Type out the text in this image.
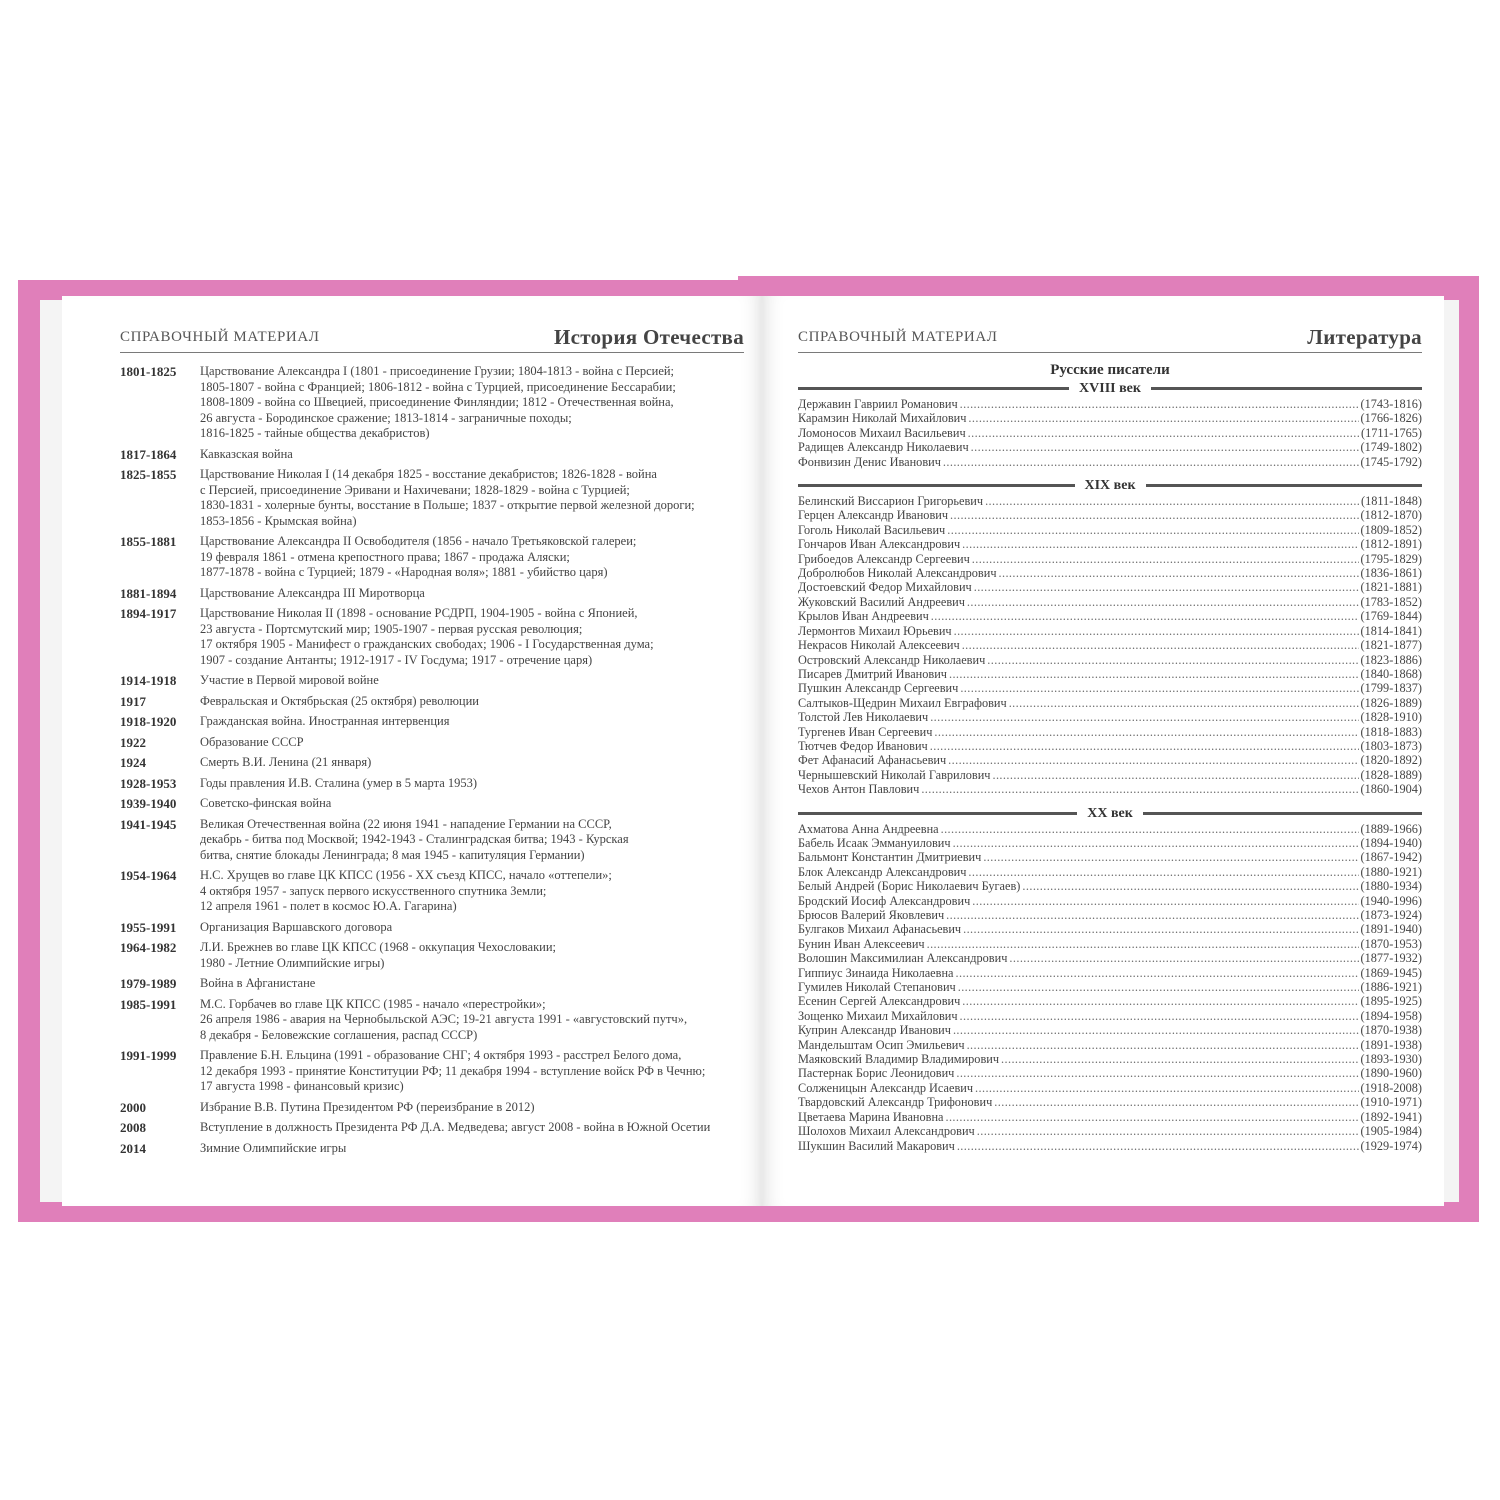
СПРАВОЧНЫЙ МАТЕРИАЛ	История Отечества
1801-1825	Царствование Александра I (1801 - присоединение Грузии; 1804-1813 - война с Персией;
1805-1807 - война с Францией; 1806-1812 - война с Турцией, присоединение Бессарабии;
1808-1809 - война со Швецией, присоединение Финляндии; 1812 - Отечественная война,
26 августа - Бородинское сражение; 1813-1814 - заграничные походы;
1816-1825 - тайные общества декабристов)
1817-1864	Кавказская война
1825-1855	Царствование Николая I (14 декабря 1825 - восстание декабристов; 1826-1828 - война
с Персией, присоединение Эривани и Нахичевани; 1828-1829 - война с Турцией;
1830-1831 - холерные бунты, восстание в Польше; 1837 - открытие первой железной дороги;
1853-1856 - Крымская война)
1855-1881	Царствование Александра II Освободителя (1856 - начало Третьяковской галереи;
19 февраля 1861 - отмена крепостного права; 1867 - продажа Аляски;
1877-1878 - война с Турцией; 1879 - «Народная воля»; 1881 - убийство царя)
1881-1894	Царствование Александра III Миротворца
1894-1917	Царствование Николая II (1898 - основание РСДРП, 1904-1905 - война с Японией,
23 августа - Портсмутский мир; 1905-1907 - первая русская революция;
17 октября 1905 - Манифест о гражданских свободах; 1906 - I Государственная дума;
1907 - создание Антанты; 1912-1917 - IV Госдума; 1917 - отречение царя)
1914-1918	Участие в Первой мировой войне
1917	Февральская и Октябрьская (25 октября) революции
1918-1920	Гражданская война. Иностранная интервенция
1922	Образование СССР
1924	Смерть В.И. Ленина (21 января)
1928-1953	Годы правления И.В. Сталина (умер в 5 марта 1953)
1939-1940	Советско-финская война
1941-1945	Великая Отечественная война (22 июня 1941 - нападение Германии на СССР,
декабрь - битва под Москвой; 1942-1943 - Сталинградская битва; 1943 - Курская
битва, снятие блокады Ленинграда; 8 мая 1945 - капитуляция Германии)
1954-1964	Н.С. Хрущев во главе ЦК КПСС (1956 - XX съезд КПСС, начало «оттепели»;
4 октября 1957 - запуск первого искусственного спутника Земли;
12 апреля 1961 - полет в космос Ю.А. Гагарина)
1955-1991	Организация Варшавского договора
1964-1982	Л.И. Брежнев во главе ЦК КПСС (1968 - оккупация Чехословакии;
1980 - Летние Олимпийские игры)
1979-1989	Война в Афганистане
1985-1991	М.С. Горбачев во главе ЦК КПСС (1985 - начало «перестройки»;
26 апреля 1986 - авария на Чернобыльской АЭС; 19-21 августа 1991 - «августовский путч»,
8 декабря - Беловежские соглашения, распад СССР)
1991-1999	Правление Б.Н. Ельцина (1991 - образование СНГ; 4 октября 1993 - расстрел Белого дома,
12 декабря 1993 - принятие Конституции РФ; 11 декабря 1994 - вступление войск РФ в Чечню;
17 августа 1998 - финансовый кризис)
2000	Избрание В.В. Путина Президентом РФ (переизбрание в 2012)
2008	Вступление в должность Президента РФ Д.А. Медведева; август 2008 - война в Южной Осетии
2014	Зимние Олимпийские игры
СПРАВОЧНЫЙ МАТЕРИАЛ	Литература
Русские писатели
XVIII век
Державин Гавриил Романович .....	(1743-1816)
Карамзин Николай Михайлович .....	(1766-1826)
Ломоносов Михаил Васильевич .....	(1711-1765)
Радищев Александр Николаевич .....	(1749-1802)
Фонвизин Денис Иванович .....	(1745-1792)
XIX век
Белинский Виссарион Григорьевич .....	(1811-1848)
Герцен Александр Иванович .....	(1812-1870)
Гоголь Николай Васильевич .....	(1809-1852)
Гончаров Иван Александрович .....	(1812-1891)
Грибоедов Александр Сергеевич .....	(1795-1829)
Добролюбов Николай Александрович .....	(1836-1861)
Достоевский Федор Михайлович .....	(1821-1881)
Жуковский Василий Андреевич .....	(1783-1852)
Крылов Иван Андреевич .....	(1769-1844)
Лермонтов Михаил Юрьевич .....	(1814-1841)
Некрасов Николай Алексеевич .....	(1821-1877)
Островский Александр Николаевич .....	(1823-1886)
Писарев Дмитрий Иванович .....	(1840-1868)
Пушкин Александр Сергеевич .....	(1799-1837)
Салтыков-Щедрин Михаил Евграфович .....	(1826-1889)
Толстой Лев Николаевич .....	(1828-1910)
Тургенев Иван Сергеевич .....	(1818-1883)
Тютчев Федор Иванович .....	(1803-1873)
Фет Афанасий Афанасьевич .....	(1820-1892)
Чернышевский Николай Гаврилович .....	(1828-1889)
Чехов Антон Павлович .....	(1860-1904)
XX век
Ахматова Анна Андреевна .....	(1889-1966)
Бабель Исаак Эммануилович .....	(1894-1940)
Бальмонт Константин Дмитриевич .....	(1867-1942)
Блок Александр Александрович .....	(1880-1921)
Белый Андрей (Борис Николаевич Бугаев) .....	(1880-1934)
Бродский Иосиф Александрович .....	(1940-1996)
Брюсов Валерий Яковлевич .....	(1873-1924)
Булгаков Михаил Афанасьевич .....	(1891-1940)
Бунин Иван Алексеевич .....	(1870-1953)
Волошин Максимилиан Александрович .....	(1877-1932)
Гиппиус Зинаида Николаевна .....	(1869-1945)
Гумилев Николай Степанович .....	(1886-1921)
Есенин Сергей Александрович .....	(1895-1925)
Зощенко Михаил Михайлович .....	(1894-1958)
Куприн Александр Иванович .....	(1870-1938)
Мандельштам Осип Эмильевич .....	(1891-1938)
Маяковский Владимир Владимирович .....	(1893-1930)
Пастернак Борис Леонидович .....	(1890-1960)
Солженицын Александр Исаевич .....	(1918-2008)
Твардовский Александр Трифонович .....	(1910-1971)
Цветаева Марина Ивановна .....	(1892-1941)
Шолохов Михаил Александрович .....	(1905-1984)
Шукшин Василий Макарович .....	(1929-1974)
